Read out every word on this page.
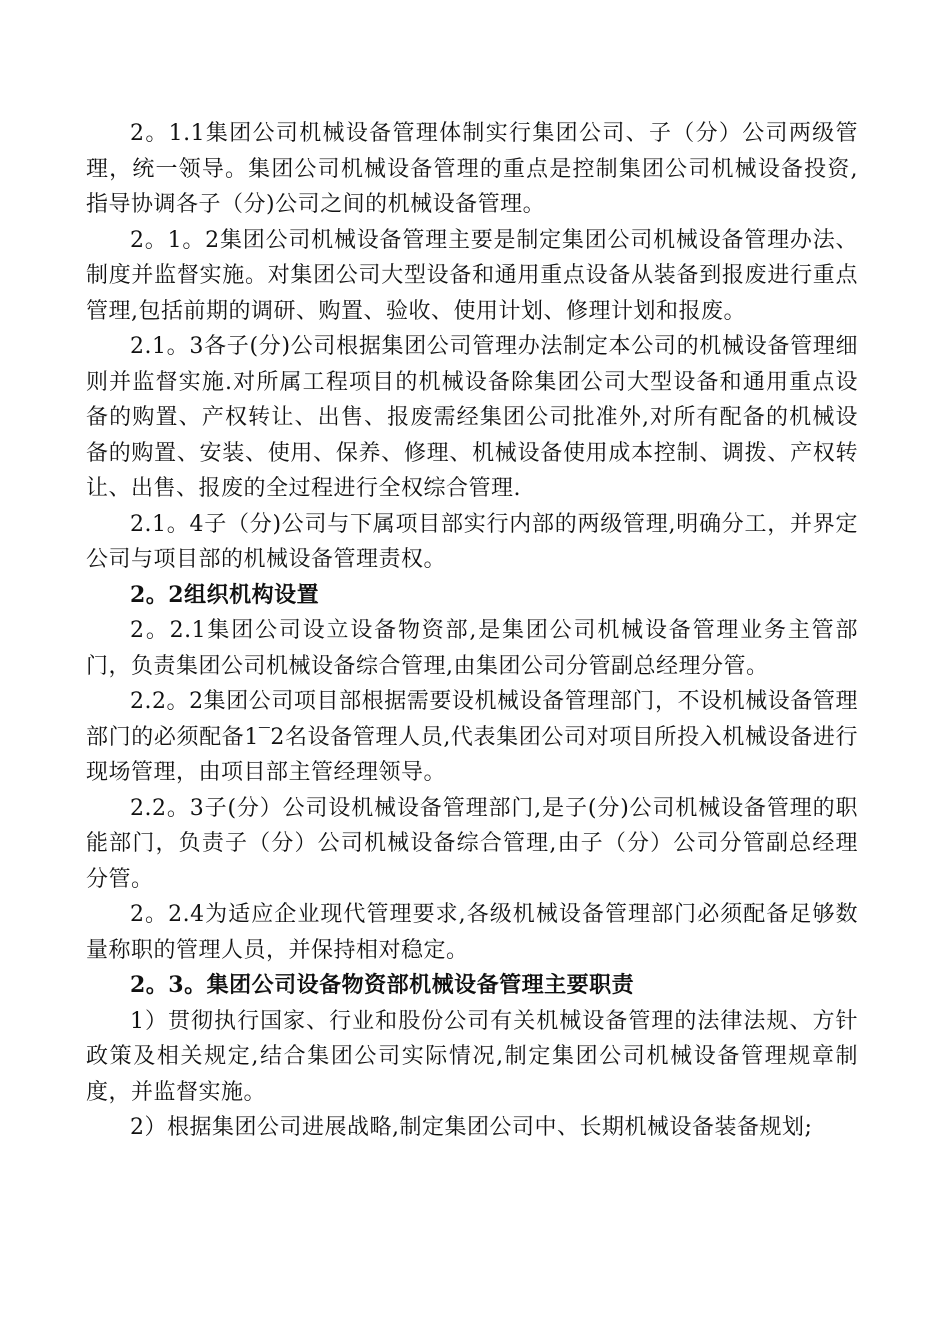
2。1.1集团公司机械设备管理体制实行集团公司、子（分）公司两级管理，统一领导。集团公司机械设备管理的重点是控制集团公司机械设备投资,指导协调各子（分)公司之间的机械设备管理。

2。1。2集团公司机械设备管理主要是制定集团公司机械设备管理办法、制度并监督实施。对集团公司大型设备和通用重点设备从装备到报废进行重点管理,包括前期的调研、购置、验收、使用计划、修理计划和报废。

2.1。3各子(分)公司根据集团公司管理办法制定本公司的机械设备管理细则并监督实施.对所属工程项目的机械设备除集团公司大型设备和通用重点设备的购置、产权转让、出售、报废需经集团公司批准外,对所有配备的机械设备的购置、安装、使用、保养、修理、机械设备使用成本控制、调拨、产权转让、出售、报废的全过程进行全权综合管理.

2.1。4子（分)公司与下属项目部实行内部的两级管理,明确分工，并界定公司与项目部的机械设备管理责权。

2。2组织机构设置

2。2.1集团公司设立设备物资部,是集团公司机械设备管理业务主管部门，负责集团公司机械设备综合管理,由集团公司分管副总经理分管。

2.2。2集团公司项目部根据需要设机械设备管理部门，不设机械设备管理部门的必须配备1‾2名设备管理人员,代表集团公司对项目所投入机械设备进行现场管理，由项目部主管经理领导。

2.2。3子(分）公司设机械设备管理部门,是子(分)公司机械设备管理的职能部门，负责子（分）公司机械设备综合管理,由子（分）公司分管副总经理分管。

2。2.4为适应企业现代管理要求,各级机械设备管理部门必须配备足够数量称职的管理人员，并保持相对稳定。

2。3。集团公司设备物资部机械设备管理主要职责

1）贯彻执行国家、行业和股份公司有关机械设备管理的法律法规、方针政策及相关规定,结合集团公司实际情况,制定集团公司机械设备管理规章制度，并监督实施。

2）根据集团公司进展战略,制定集团公司中、长期机械设备装备规划;
